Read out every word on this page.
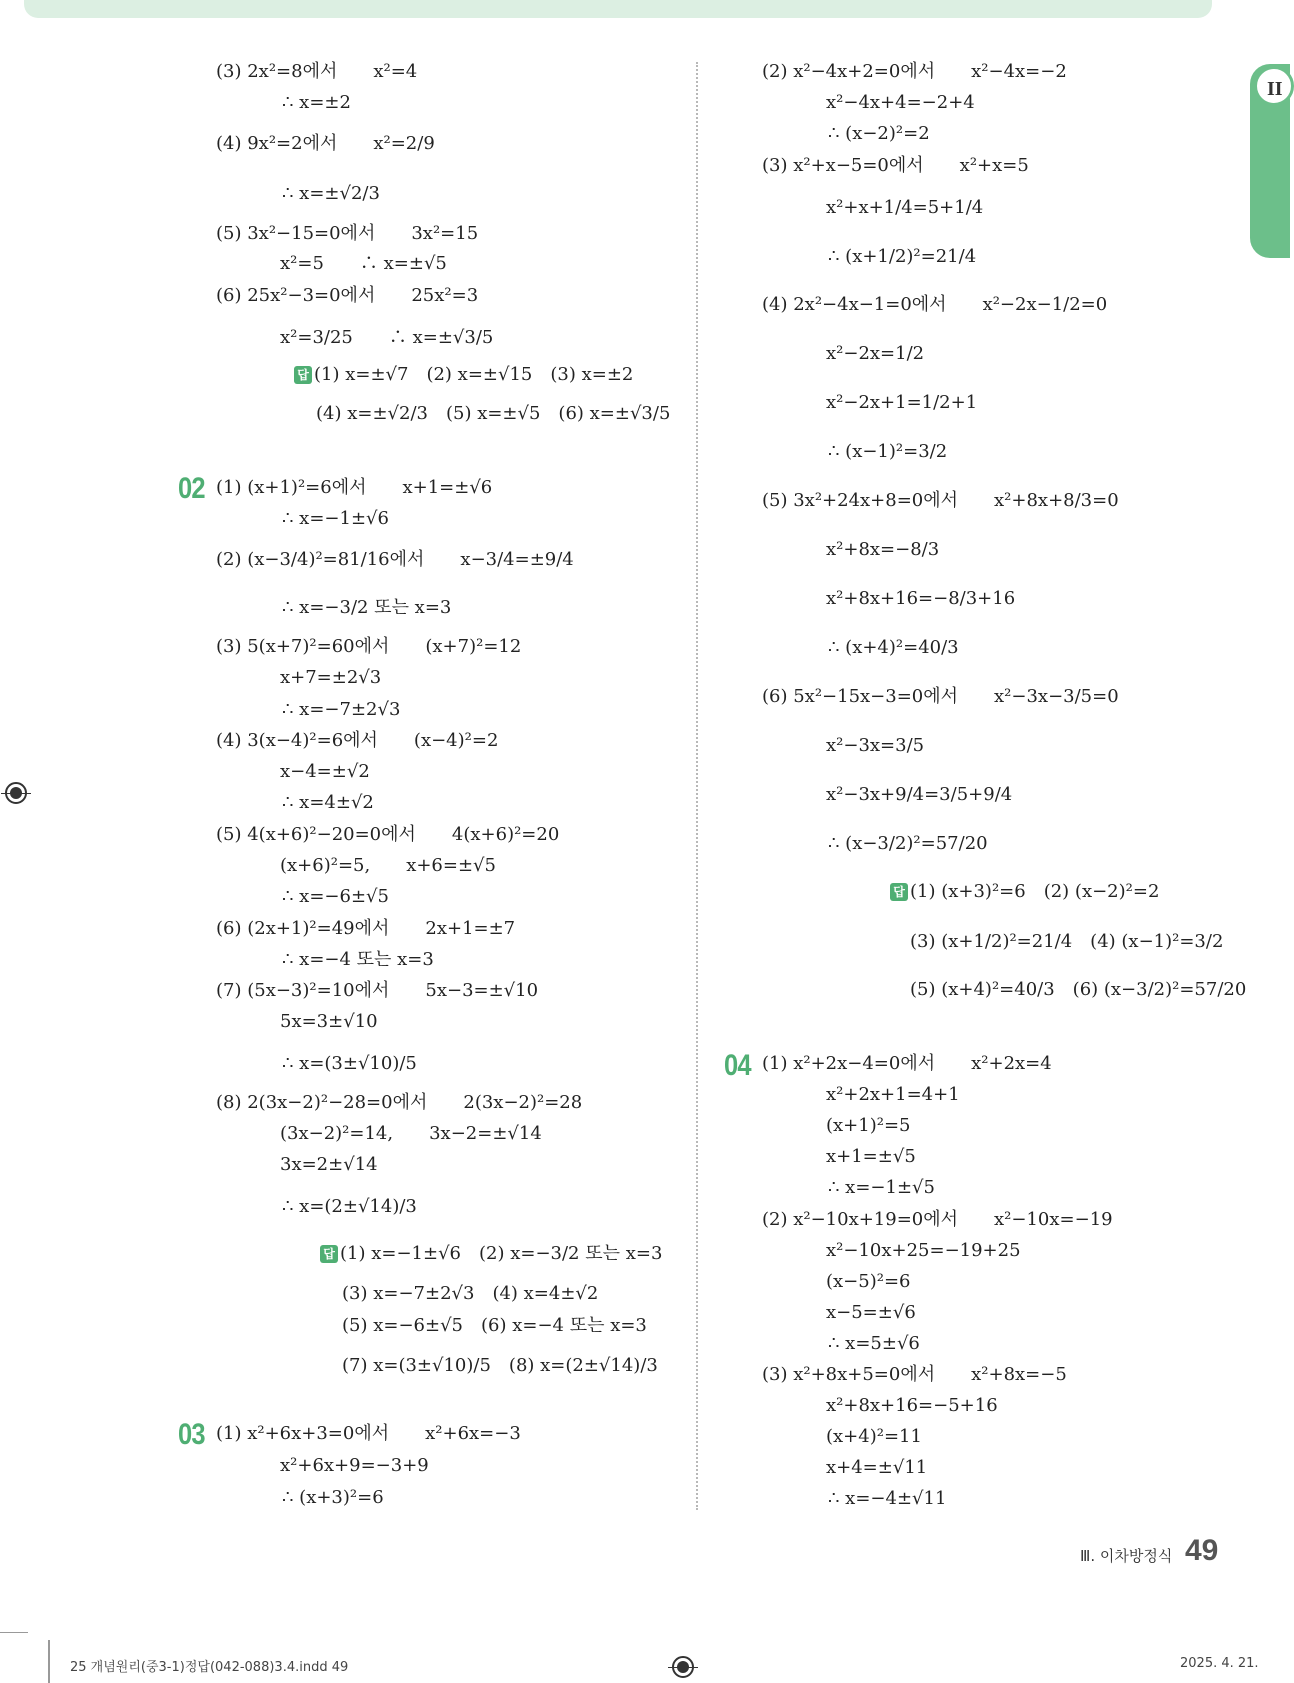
II
(3) 2x²=8에서　　x²=4
∴ x=±2
(4) 9x²=2에서　　x²=2/9
∴ x=±√2/3
(5) 3x²−15=0에서　　3x²=15
x²=5　　∴ x=±√5
(6) 25x²−3=0에서　　25x²=3
x²=3/25　　∴ x=±√3/5
답 (1) x=±√7　(2) x=±√15　(3) x=±2
(4) x=±√2/3　(5) x=±√5　(6) x=±√3/5
02 (1) (x+1)²=6에서　　x+1=±√6
∴ x=−1±√6
(2) (x−3/4)²=81/16에서　　x−3/4=±9/4
∴ x=−3/2 또는 x=3
(3) 5(x+7)²=60에서　　(x+7)²=12
x+7=±2√3
∴ x=−7±2√3
(4) 3(x−4)²=6에서　　(x−4)²=2
x−4=±√2
∴ x=4±√2
(5) 4(x+6)²−20=0에서　　4(x+6)²=20
(x+6)²=5,　　x+6=±√5
∴ x=−6±√5
(6) (2x+1)²=49에서　　2x+1=±7
∴ x=−4 또는 x=3
(7) (5x−3)²=10에서　　5x−3=±√10
5x=3±√10
∴ x=(3±√10)/5
(8) 2(3x−2)²−28=0에서　　2(3x−2)²=28
(3x−2)²=14,　　3x−2=±√14
3x=2±√14
∴ x=(2±√14)/3
답 (1) x=−1±√6　(2) x=−3/2 또는 x=3
(3) x=−7±2√3　(4) x=4±√2
(5) x=−6±√5　(6) x=−4 또는 x=3
(7) x=(3±√10)/5　(8) x=(2±√14)/3
03 (1) x²+6x+3=0에서　　x²+6x=−3
x²+6x+9=−3+9
∴ (x+3)²=6
(2) x²−4x+2=0에서　　x²−4x=−2
x²−4x+4=−2+4
∴ (x−2)²=2
(3) x²+x−5=0에서　　x²+x=5
x²+x+1/4=5+1/4
∴ (x+1/2)²=21/4
(4) 2x²−4x−1=0에서　　x²−2x−1/2=0
x²−2x=1/2
x²−2x+1=1/2+1
∴ (x−1)²=3/2
(5) 3x²+24x+8=0에서　　x²+8x+8/3=0
x²+8x=−8/3
x²+8x+16=−8/3+16
∴ (x+4)²=40/3
(6) 5x²−15x−3=0에서　　x²−3x−3/5=0
x²−3x=3/5
x²−3x+9/4=3/5+9/4
∴ (x−3/2)²=57/20
답 (1) (x+3)²=6　(2) (x−2)²=2
(3) (x+1/2)²=21/4　(4) (x−1)²=3/2
(5) (x+4)²=40/3　(6) (x−3/2)²=57/20
04 (1) x²+2x−4=0에서　　x²+2x=4
x²+2x+1=4+1
(x+1)²=5
x+1=±√5
∴ x=−1±√5
(2) x²−10x+19=0에서　　x²−10x=−19
x²−10x+25=−19+25
(x−5)²=6
x−5=±√6
∴ x=5±√6
(3) x²+8x+5=0에서　　x²+8x=−5
x²+8x+16=−5+16
(x+4)²=11
x+4=±√11
∴ x=−4±√11
Ⅲ. 이차방정식 49
25 개념원리(중3-1)정답(042-088)3.4.indd 49	2025. 4. 21.
